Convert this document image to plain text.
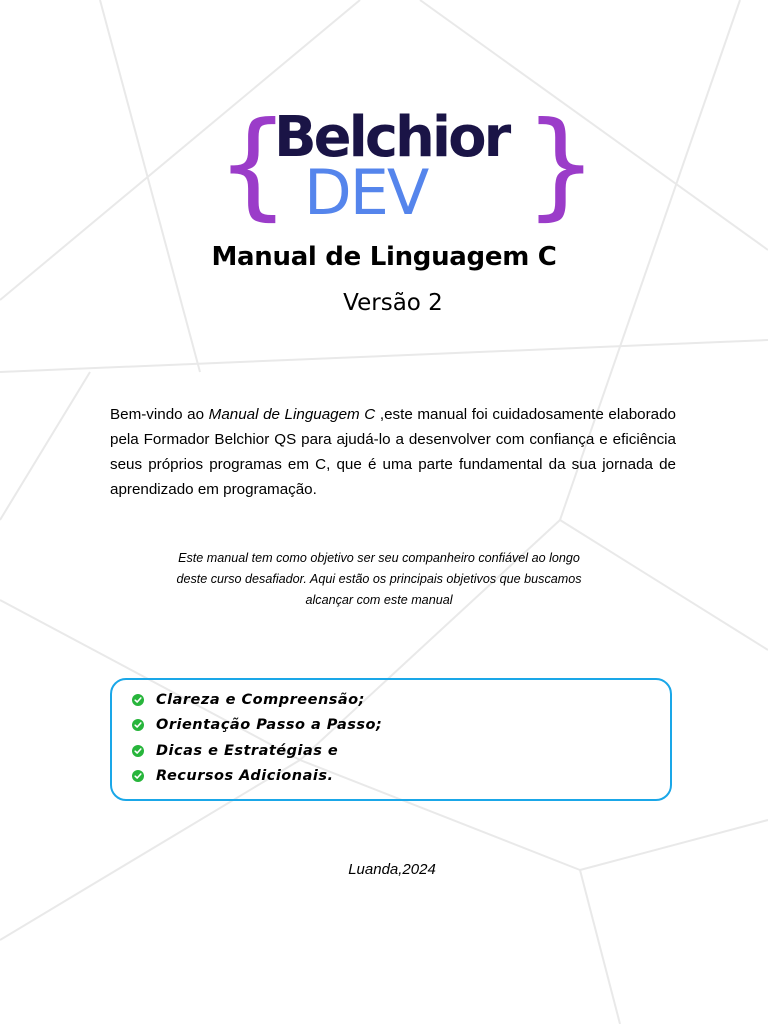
{
Belchior
DEV }
Manual de Linguagem C
Versão 2

Bem-vindo ao Manual de Linguagem C ,este manual foi cuidadosamente elaborado pela Formador Belchior QS para ajudá-lo a desenvolver com confiança e eficiência seus próprios programas em C, que é uma parte fundamental da sua jornada de aprendizado em programação.

Este manual tem como objetivo ser seu companheiro confiável ao longo deste curso desafiador. Aqui estão os principais objetivos que buscamos alcançar com este manual

Clareza e Compreensão;
Orientação Passo a Passo;
Dicas e Estratégias e
Recursos Adicionais.
Luanda,2024
